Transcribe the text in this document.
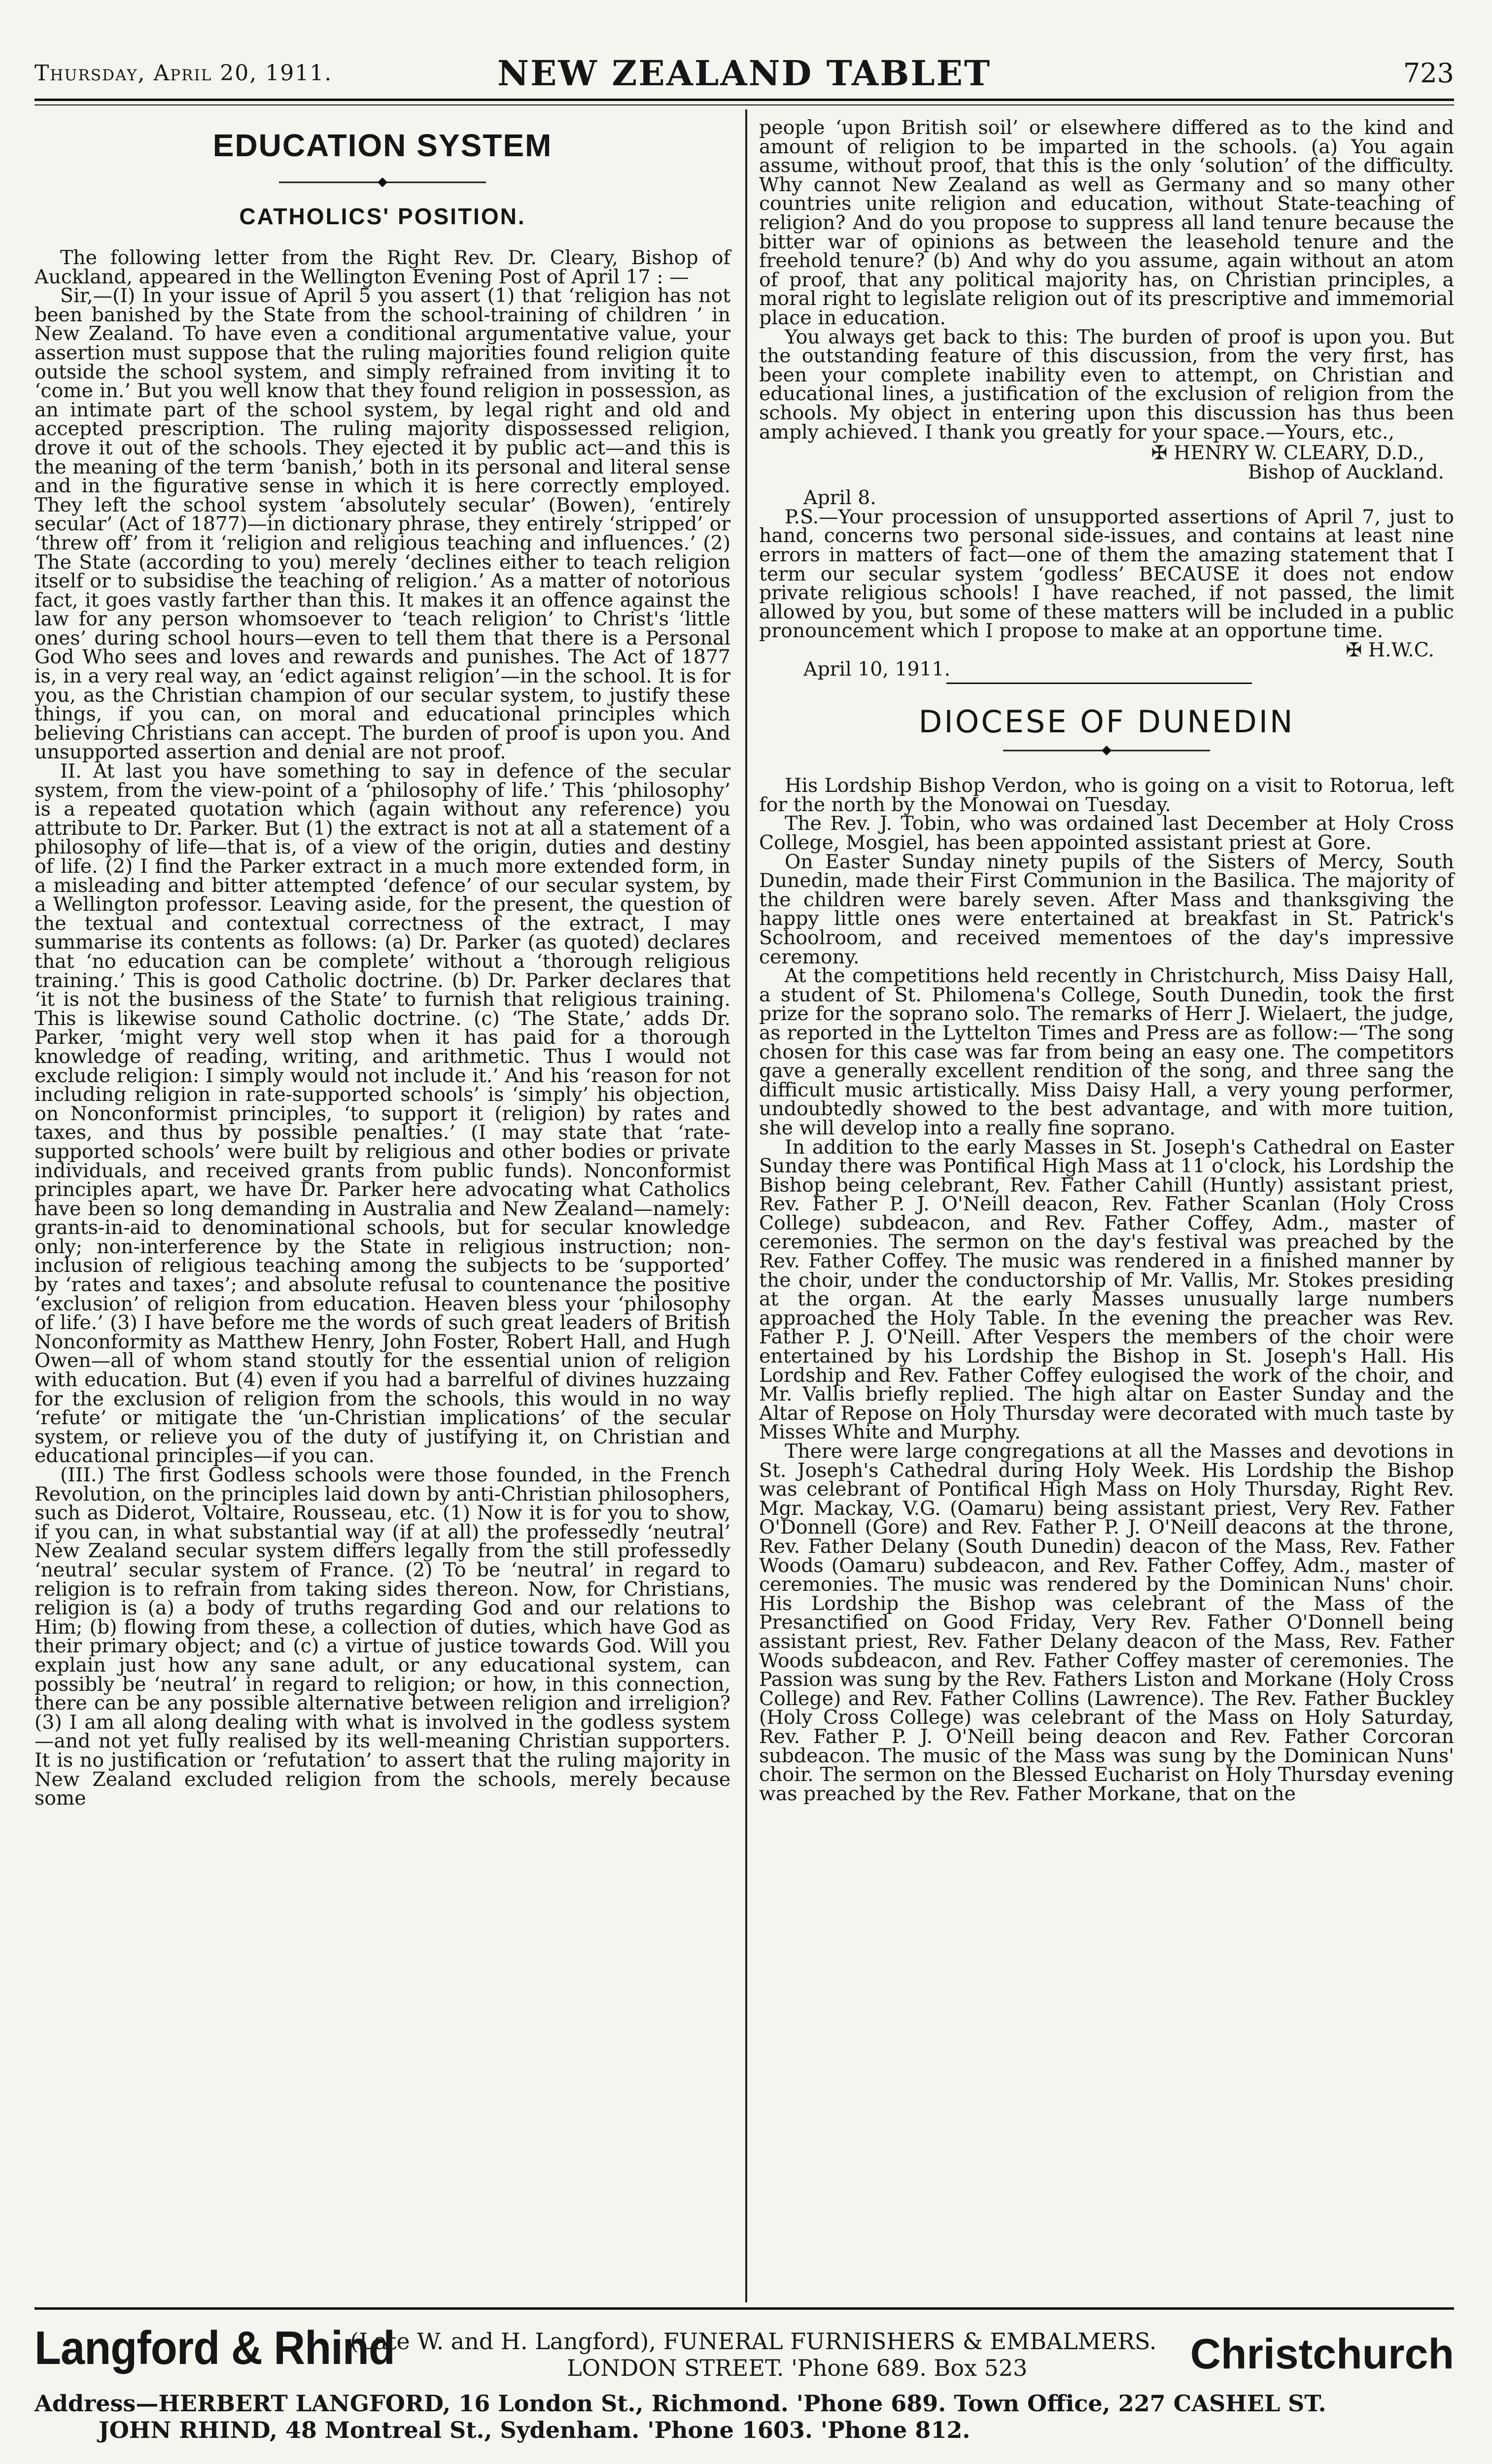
Thursday, April 20, 1911.	NEW ZEALAND TABLET	723
EDUCATION SYSTEM
CATHOLICS' POSITION.

The following letter from the Right Rev. Dr. Cleary, Bishop of Auckland, appeared in the Wellington Evening Post of April 17 : —

Sir,—(I) In your issue of April 5 you assert (1) that ‘religion has not been banished by the State from the school-training of children ’ in New Zealand. To have even a conditional argumentative value, your assertion must suppose that the ruling majorities found religion quite outside the school system, and simply refrained from inviting it to ‘come in.’ But you well know that they found religion in possession, as an intimate part of the school system, by legal right and old and accepted prescription. The ruling majority dispossessed religion, drove it out of the schools. They ejected it by public act—and this is the meaning of the term ‘banish,’ both in its personal and literal sense and in the figurative sense in which it is here correctly employed. They left the school system ‘absolutely secular’ (Bowen), ‘entirely secular’ (Act of 1877)—in dictionary phrase, they entirely ‘stripped’ or ‘threw off’ from it ‘religion and religious teaching and influences.’ (2) The State (according to you) merely ‘declines either to teach religion itself or to subsidise the teaching of religion.’ As a matter of notorious fact, it goes vastly farther than this. It makes it an offence against the law for any person whomsoever to ‘teach religion’ to Christ's ‘little ones’ during school hours—even to tell them that there is a Personal God Who sees and loves and rewards and punishes. The Act of 1877 is, in a very real way, an ‘edict against religion’—in the school. It is for you, as the Christian champion of our secular system, to justify these things, if you can, on moral and educational principles which believing Christians can accept. The burden of proof is upon you. And unsupported assertion and denial are not proof.

II. At last you have something to say in defence of the secular system, from the view-point of a ‘philosophy of life.’ This ‘philosophy’ is a repeated quotation which (again without any reference) you attribute to Dr. Parker. But (1) the extract is not at all a statement of a philosophy of life—that is, of a view of the origin, duties and destiny of life. (2) I find the Parker extract in a much more extended form, in a misleading and bitter attempted ‘defence’ of our secular system, by a Wellington professor. Leaving aside, for the present, the question of the textual and contextual correctness of the extract, I may summarise its contents as follows: (a) Dr. Parker (as quoted) declares that ‘no education can be complete’ without a ‘thorough religious training.’ This is good Catholic doctrine. (b) Dr. Parker declares that ‘it is not the business of the State’ to furnish that religious training. This is likewise sound Catholic doctrine. (c) ‘The State,’ adds Dr. Parker, ‘might very well stop when it has paid for a thorough knowledge of reading, writing, and arithmetic. Thus I would not exclude religion: I simply would not include it.’ And his ‘reason for not including religion in rate-supported schools’ is ‘simply’ his objection, on Nonconformist principles, ‘to support it (religion) by rates and taxes, and thus by possible penalties.’ (I may state that ‘rate-supported schools’ were built by religious and other bodies or private individuals, and received grants from public funds). Nonconformist principles apart, we have Dr. Parker here advocating what Catholics have been so long demanding in Australia and New Zealand—namely: grants-in-aid to denominational schools, but for secular knowledge only; non-interference by the State in religious instruction; non-inclusion of religious teaching among the subjects to be ‘supported’ by ‘rates and taxes’; and absolute refusal to countenance the positive ‘exclusion’ of religion from education. Heaven bless your ‘philosophy of life.’ (3) I have before me the words of such great leaders of British Nonconformity as Matthew Henry, John Foster, Robert Hall, and Hugh Owen—all of whom stand stoutly for the essential union of religion with education. But (4) even if you had a barrelful of divines huzzaing for the exclusion of religion from the schools, this would in no way ‘refute’ or mitigate the ‘un-Christian implications’ of the secular system, or relieve you of the duty of justifying it, on Christian and educational principles—if you can.

(III.) The first Godless schools were those founded, in the French Revolution, on the principles laid down by anti-Christian philosophers, such as Diderot, Voltaire, Rousseau, etc. (1) Now it is for you to show, if you can, in what substantial way (if at all) the professedly ‘neutral’ New Zealand secular system differs legally from the still professedly ‘neutral’ secular system of France. (2) To be ‘neutral’ in regard to religion is to refrain from taking sides thereon. Now, for Christians, religion is (a) a body of truths regarding God and our relations to Him; (b) flowing from these, a collection of duties, which have God as their primary object; and (c) a virtue of justice towards God. Will you explain just how any sane adult, or any educational system, can possibly be ‘neutral’ in regard to religion; or how, in this connection, there can be any possible alternative between religion and irreligion? (3) I am all along dealing with what is involved in the godless system—and not yet fully realised by its well-meaning Christian supporters. It is no justification or ‘refutation’ to assert that the ruling majority in New Zealand excluded religion from the schools, merely because some

people ‘upon British soil’ or elsewhere differed as to the kind and amount of religion to be imparted in the schools. (a) You again assume, without proof, that this is the only ‘solution’ of the difficulty. Why cannot New Zealand as well as Germany and so many other countries unite religion and education, without State-teaching of religion? And do you propose to suppress all land tenure because the bitter war of opinions as between the leasehold tenure and the freehold tenure? (b) And why do you assume, again without an atom of proof, that any political majority has, on Christian principles, a moral right to legislate religion out of its prescriptive and immemorial place in education.

You always get back to this: The burden of proof is upon you. But the outstanding feature of this discussion, from the very first, has been your complete inability even to attempt, on Christian and educational lines, a justification of the exclusion of religion from the schools. My object in entering upon this discussion has thus been amply achieved. I thank you greatly for your space.—Yours, etc.,

✠ HENRY W. CLEARY, D.D.,

Bishop of Auckland.

April 8.

P.S.—Your procession of unsupported assertions of April 7, just to hand, concerns two personal side-issues, and contains at least nine errors in matters of fact—one of them the amazing statement that I term our secular system ‘godless’ BECAUSE it does not endow private religious schools! I have reached, if not passed, the limit allowed by you, but some of these matters will be included in a public pronouncement which I propose to make at an opportune time.

✠ H.W.C.

April 10, 1911.

DIOCESE OF DUNEDIN

His Lordship Bishop Verdon, who is going on a visit to Rotorua, left for the north by the Monowai on Tuesday.

The Rev. J. Tobin, who was ordained last December at Holy Cross College, Mosgiel, has been appointed assistant priest at Gore.

On Easter Sunday ninety pupils of the Sisters of Mercy, South Dunedin, made their First Communion in the Basilica. The majority of the children were barely seven. After Mass and thanksgiving the happy little ones were entertained at breakfast in St. Patrick's Schoolroom, and received mementoes of the day's impressive ceremony.

At the competitions held recently in Christchurch, Miss Daisy Hall, a student of St. Philomena's College, South Dunedin, took the first prize for the soprano solo. The remarks of Herr J. Wielaert, the judge, as reported in the Lyttelton Times and Press are as follow:—‘The song chosen for this case was far from being an easy one. The competitors gave a generally excellent rendition of the song, and three sang the difficult music artistically. Miss Daisy Hall, a very young performer, undoubtedly showed to the best advantage, and with more tuition, she will develop into a really fine soprano.

In addition to the early Masses in St. Joseph's Cathedral on Easter Sunday there was Pontifical High Mass at 11 o'clock, his Lordship the Bishop being celebrant, Rev. Father Cahill (Huntly) assistant priest, Rev. Father P. J. O'Neill deacon, Rev. Father Scanlan (Holy Cross College) subdeacon, and Rev. Father Coffey, Adm., master of ceremonies. The sermon on the day's festival was preached by the Rev. Father Coffey. The music was rendered in a finished manner by the choir, under the conductorship of Mr. Vallis, Mr. Stokes presiding at the organ. At the early Masses unusually large numbers approached the Holy Table. In the evening the preacher was Rev. Father P. J. O'Neill. After Vespers the members of the choir were entertained by his Lordship the Bishop in St. Joseph's Hall. His Lordship and Rev. Father Coffey eulogised the work of the choir, and Mr. Vallis briefly replied. The high altar on Easter Sunday and the Altar of Repose on Holy Thursday were decorated with much taste by Misses White and Murphy.

There were large congregations at all the Masses and devotions in St. Joseph's Cathedral during Holy Week. His Lordship the Bishop was celebrant of Pontifical High Mass on Holy Thursday, Right Rev. Mgr. Mackay, V.G. (Oamaru) being assistant priest, Very Rev. Father O'Donnell (Gore) and Rev. Father P. J. O'Neill deacons at the throne, Rev. Father Delany (South Dunedin) deacon of the Mass, Rev. Father Woods (Oamaru) subdeacon, and Rev. Father Coffey, Adm., master of ceremonies. The music was rendered by the Dominican Nuns' choir. His Lordship the Bishop was celebrant of the Mass of the Presanctified on Good Friday, Very Rev. Father O'Donnell being assistant priest, Rev. Father Delany deacon of the Mass, Rev. Father Woods subdeacon, and Rev. Father Coffey master of ceremonies. The Passion was sung by the Rev. Fathers Liston and Morkane (Holy Cross College) and Rev. Father Collins (Lawrence). The Rev. Father Buckley (Holy Cross College) was celebrant of the Mass on Holy Saturday, Rev. Father P. J. O'Neill being deacon and Rev. Father Corcoran subdeacon. The music of the Mass was sung by the Dominican Nuns' choir. The sermon on the Blessed Eucharist on Holy Thursday evening was preached by the Rev. Father Morkane, that on the

Langford & Rhind
(Late W. and H. Langford), FUNERAL FURNISHERS & EMBALMERS.
LONDON STREET. 'Phone 689. Box 523	Christchurch
Address—HERBERT LANGFORD, 16 London St., Richmond. 'Phone 689. Town Office, 227 CASHEL ST.
JOHN RHIND, 48 Montreal St., Sydenham. 'Phone 1603. 'Phone 812.
